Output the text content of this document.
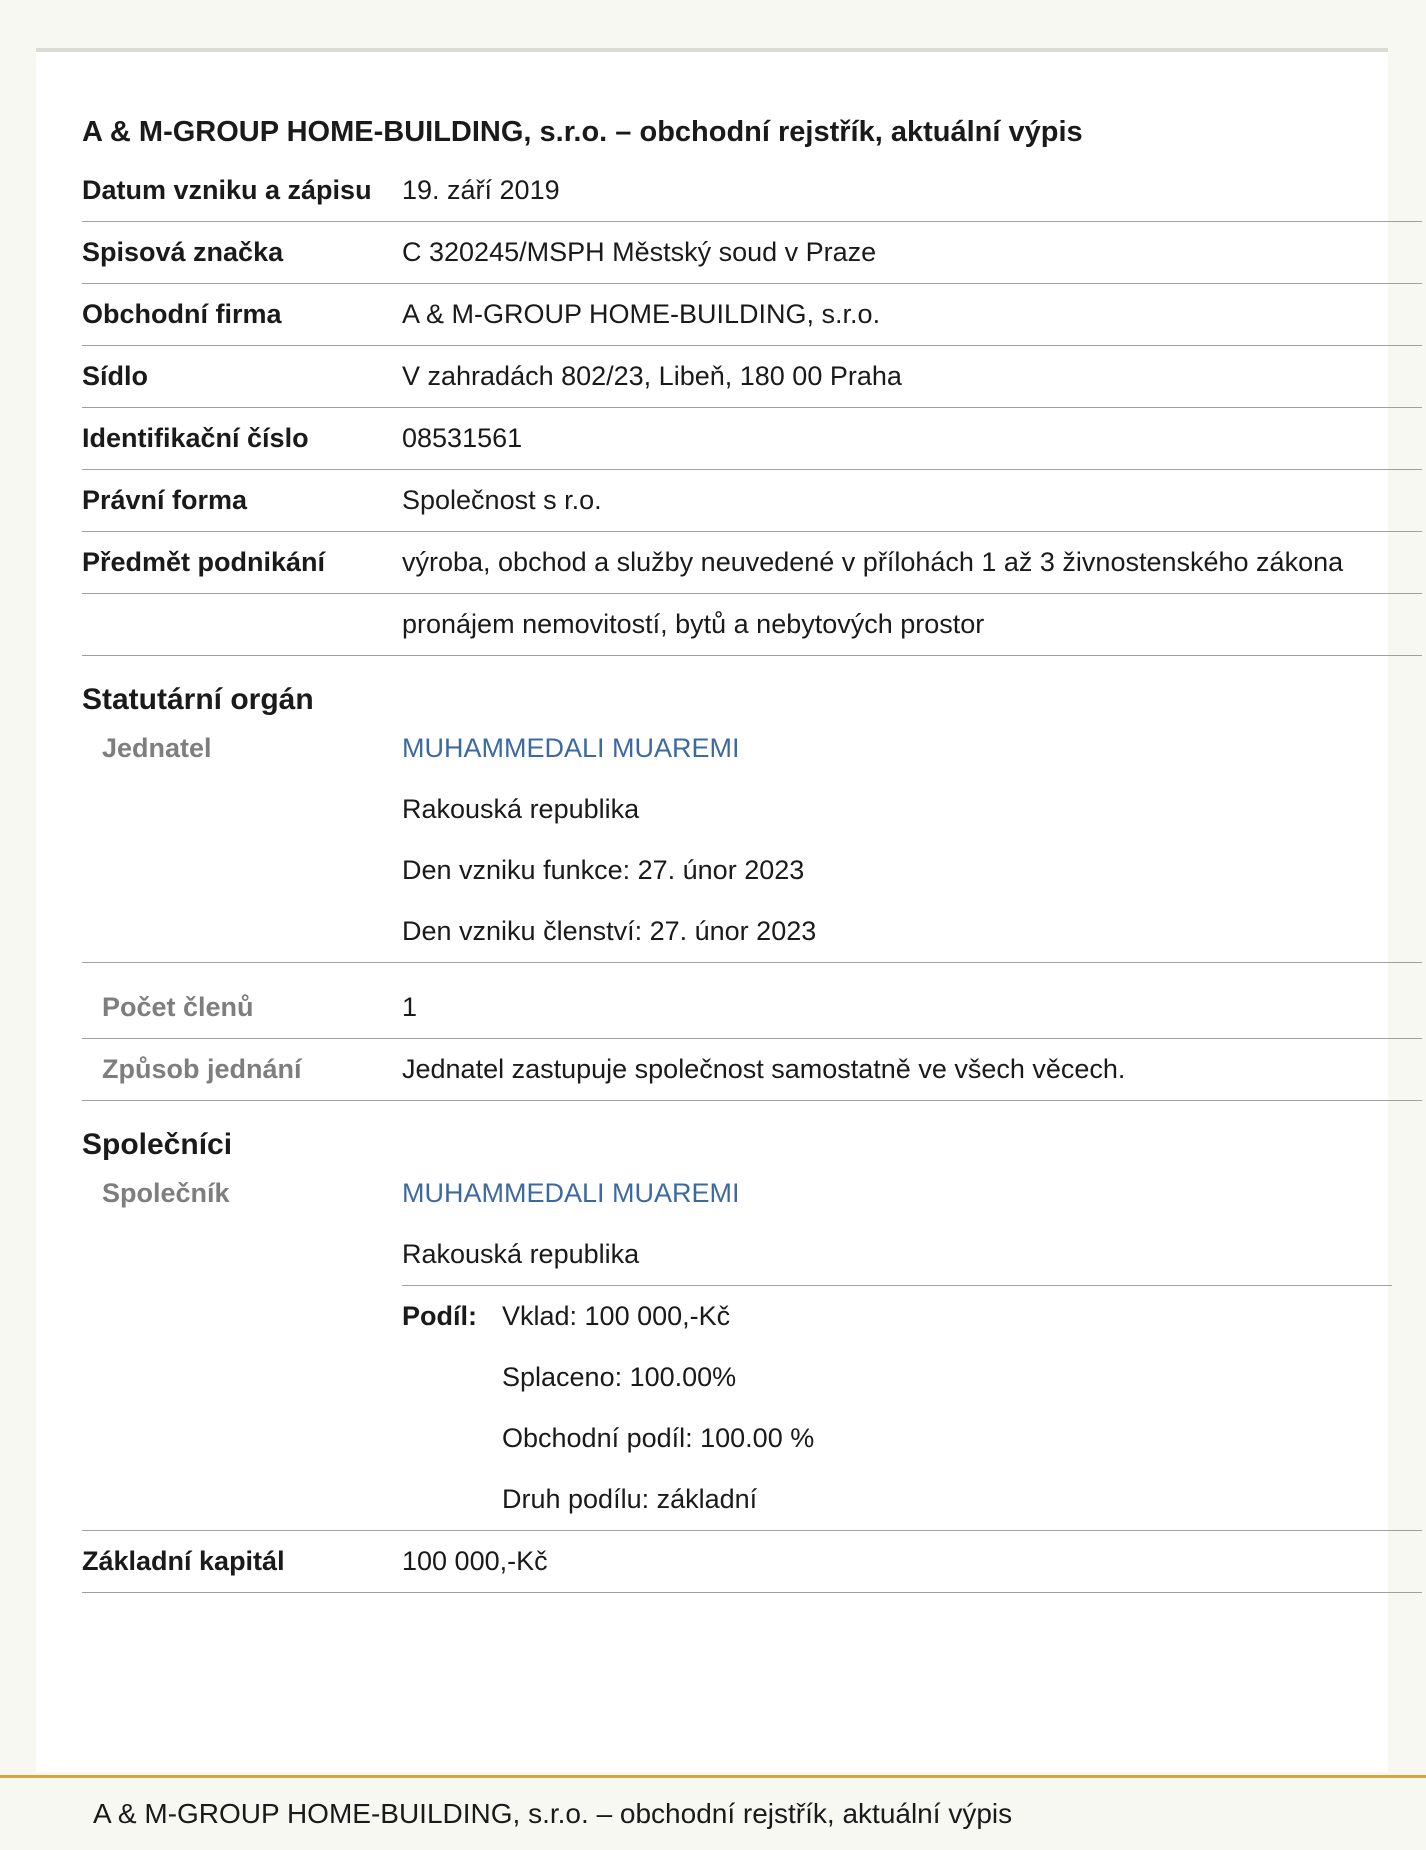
A & M-GROUP HOME-BUILDING, s.r.o. – obchodní rejstřík, aktuální výpis
Datum vzniku a zápisu	19. září 2019
Spisová značka	C 320245/MSPH Městský soud v Praze
Obchodní firma	A & M-GROUP HOME-BUILDING, s.r.o.
Sídlo	V zahradách 802/23, Libeň, 180 00 Praha
Identifikační číslo	08531561
Právní forma	Společnost s r.o.
Předmět podnikání	výroba, obchod a služby neuvedené v přílohách 1 až 3 živnostenského zákona
pronájem nemovitostí, bytů a nebytových prostor
Statutární orgán
Jednatel	MUHAMMEDALI MUAREMI
Rakouská republika
Den vzniku funkce: 27. únor 2023
Den vzniku členství: 27. únor 2023
Počet členů	1
Způsob jednání	Jednatel zastupuje společnost samostatně ve všech věcech.
Společníci
Společník	MUHAMMEDALI MUAREMI
Rakouská republika
Podíl: Vklad: 100 000,-Kč
Splaceno: 100.00%
Obchodní podíl: 100.00 %
Druh podílu: základní
Základní kapitál	100 000,-Kč
A & M-GROUP HOME-BUILDING, s.r.o. – obchodní rejstřík, aktuální výpis
